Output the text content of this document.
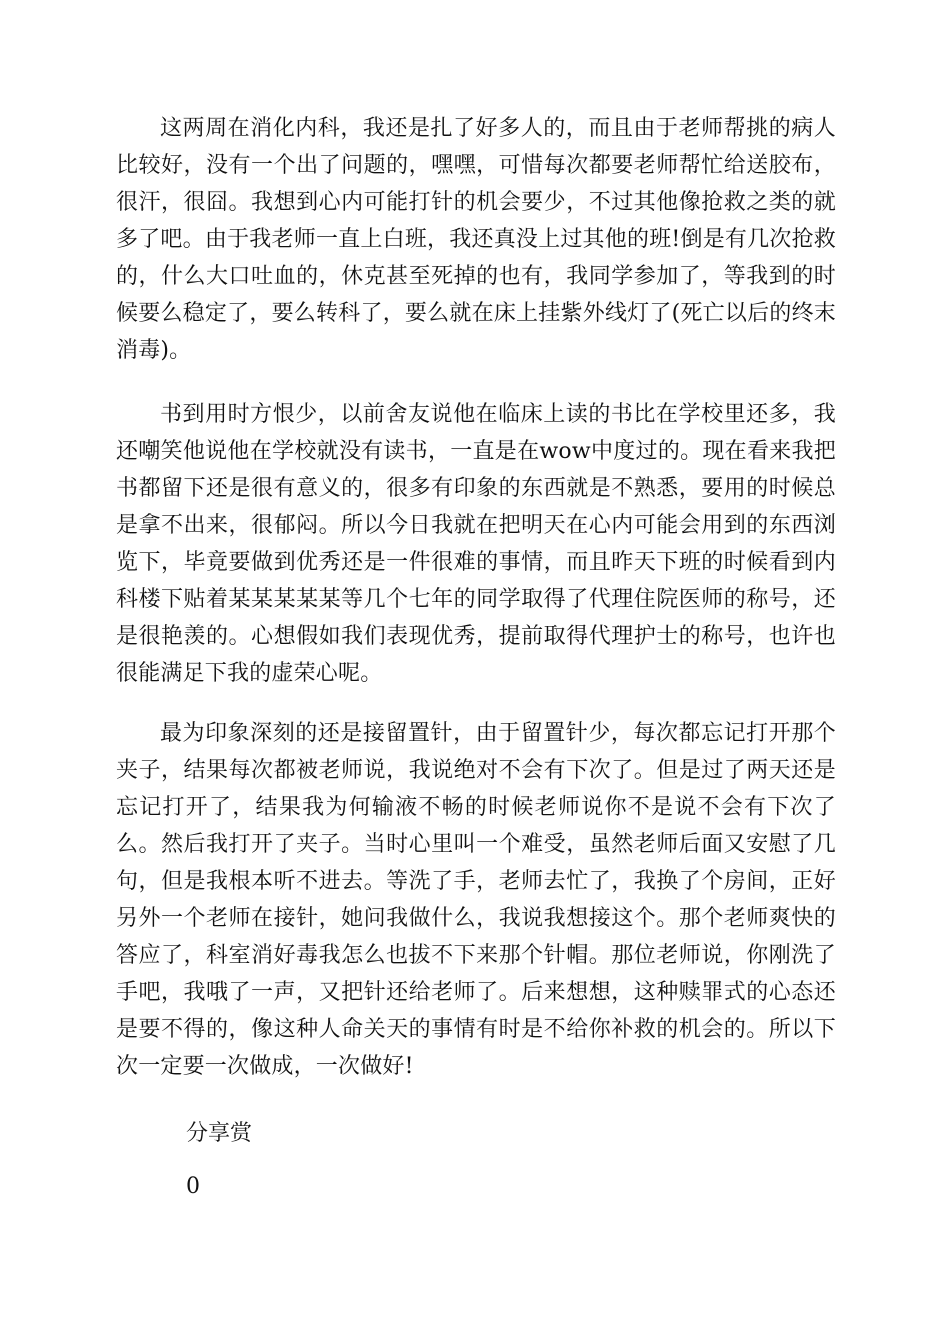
这两周在消化内科，我还是扎了好多人的，而且由于老师帮挑的病人比较好，没有一个出了问题的，嘿嘿，可惜每次都要老师帮忙给送胶布，很汗，很囧。我想到心内可能打针的机会要少，不过其他像抢救之类的就多了吧。由于我老师一直上白班，我还真没上过其他的班!倒是有几次抢救的，什么大口吐血的，休克甚至死掉的也有，我同学参加了，等我到的时候要么稳定了，要么转科了，要么就在床上挂紫外线灯了(死亡以后的终末消毒)。

书到用时方恨少，以前舍友说他在临床上读的书比在学校里还多，我还嘲笑他说他在学校就没有读书，一直是在wow中度过的。现在看来我把书都留下还是很有意义的，很多有印象的东西就是不熟悉，要用的时候总是拿不出来，很郁闷。所以今日我就在把明天在心内可能会用到的东西浏览下，毕竟要做到优秀还是一件很难的事情，而且昨天下班的时候看到内科楼下贴着某某某某某等几个七年的同学取得了代理住院医师的称号，还是很艳羡的。心想假如我们表现优秀，提前取得代理护士的称号，也许也很能满足下我的虚荣心呢。

最为印象深刻的还是接留置针，由于留置针少，每次都忘记打开那个夹子，结果每次都被老师说，我说绝对不会有下次了。但是过了两天还是忘记打开了，结果我为何输液不畅的时候老师说你不是说不会有下次了么。然后我打开了夹子。当时心里叫一个难受，虽然老师后面又安慰了几句，但是我根本听不进去。等洗了手，老师去忙了，我换了个房间，正好另外一个老师在接针，她问我做什么，我说我想接这个。那个老师爽快的答应了，科室消好毒我怎么也拔不下来那个针帽。那位老师说，你刚洗了手吧，我哦了一声，又把针还给老师了。后来想想，这种赎罪式的心态还是要不得的，像这种人命关天的事情有时是不给你补救的机会的。所以下次一定要一次做成，一次做好!

分享赏

0
